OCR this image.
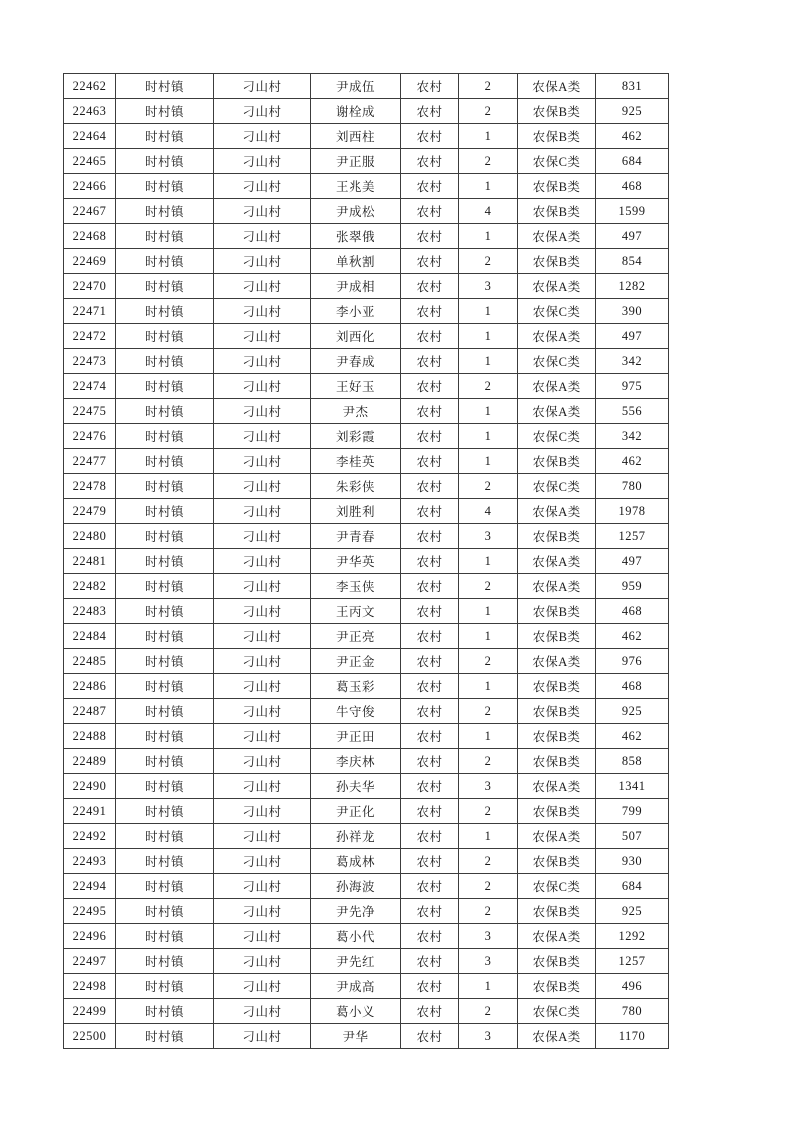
22462	时村镇	刁山村	尹成伍	农村	2	农保A类	831
22463	时村镇	刁山村	谢栓成	农村	2	农保B类	925
22464	时村镇	刁山村	刘西柱	农村	1	农保B类	462
22465	时村镇	刁山村	尹正服	农村	2	农保C类	684
22466	时村镇	刁山村	王兆美	农村	1	农保B类	468
22467	时村镇	刁山村	尹成松	农村	4	农保B类	1599
22468	时村镇	刁山村	张翠俄	农村	1	农保A类	497
22469	时村镇	刁山村	单秋割	农村	2	农保B类	854
22470	时村镇	刁山村	尹成相	农村	3	农保A类	1282
22471	时村镇	刁山村	李小亚	农村	1	农保C类	390
22472	时村镇	刁山村	刘西化	农村	1	农保A类	497
22473	时村镇	刁山村	尹春成	农村	1	农保C类	342
22474	时村镇	刁山村	王好玉	农村	2	农保A类	975
22475	时村镇	刁山村	尹杰	农村	1	农保A类	556
22476	时村镇	刁山村	刘彩霞	农村	1	农保C类	342
22477	时村镇	刁山村	李桂英	农村	1	农保B类	462
22478	时村镇	刁山村	朱彩侠	农村	2	农保C类	780
22479	时村镇	刁山村	刘胜利	农村	4	农保A类	1978
22480	时村镇	刁山村	尹青春	农村	3	农保B类	1257
22481	时村镇	刁山村	尹华英	农村	1	农保A类	497
22482	时村镇	刁山村	李玉侠	农村	2	农保A类	959
22483	时村镇	刁山村	王丙文	农村	1	农保B类	468
22484	时村镇	刁山村	尹正亮	农村	1	农保B类	462
22485	时村镇	刁山村	尹正金	农村	2	农保A类	976
22486	时村镇	刁山村	葛玉彩	农村	1	农保B类	468
22487	时村镇	刁山村	牛守俊	农村	2	农保B类	925
22488	时村镇	刁山村	尹正田	农村	1	农保B类	462
22489	时村镇	刁山村	李庆林	农村	2	农保B类	858
22490	时村镇	刁山村	孙夫华	农村	3	农保A类	1341
22491	时村镇	刁山村	尹正化	农村	2	农保B类	799
22492	时村镇	刁山村	孙祥龙	农村	1	农保A类	507
22493	时村镇	刁山村	葛成林	农村	2	农保B类	930
22494	时村镇	刁山村	孙海波	农村	2	农保C类	684
22495	时村镇	刁山村	尹先净	农村	2	农保B类	925
22496	时村镇	刁山村	葛小代	农村	3	农保A类	1292
22497	时村镇	刁山村	尹先红	农村	3	农保B类	1257
22498	时村镇	刁山村	尹成高	农村	1	农保B类	496
22499	时村镇	刁山村	葛小义	农村	2	农保C类	780
22500	时村镇	刁山村	尹华	农村	3	农保A类	1170
